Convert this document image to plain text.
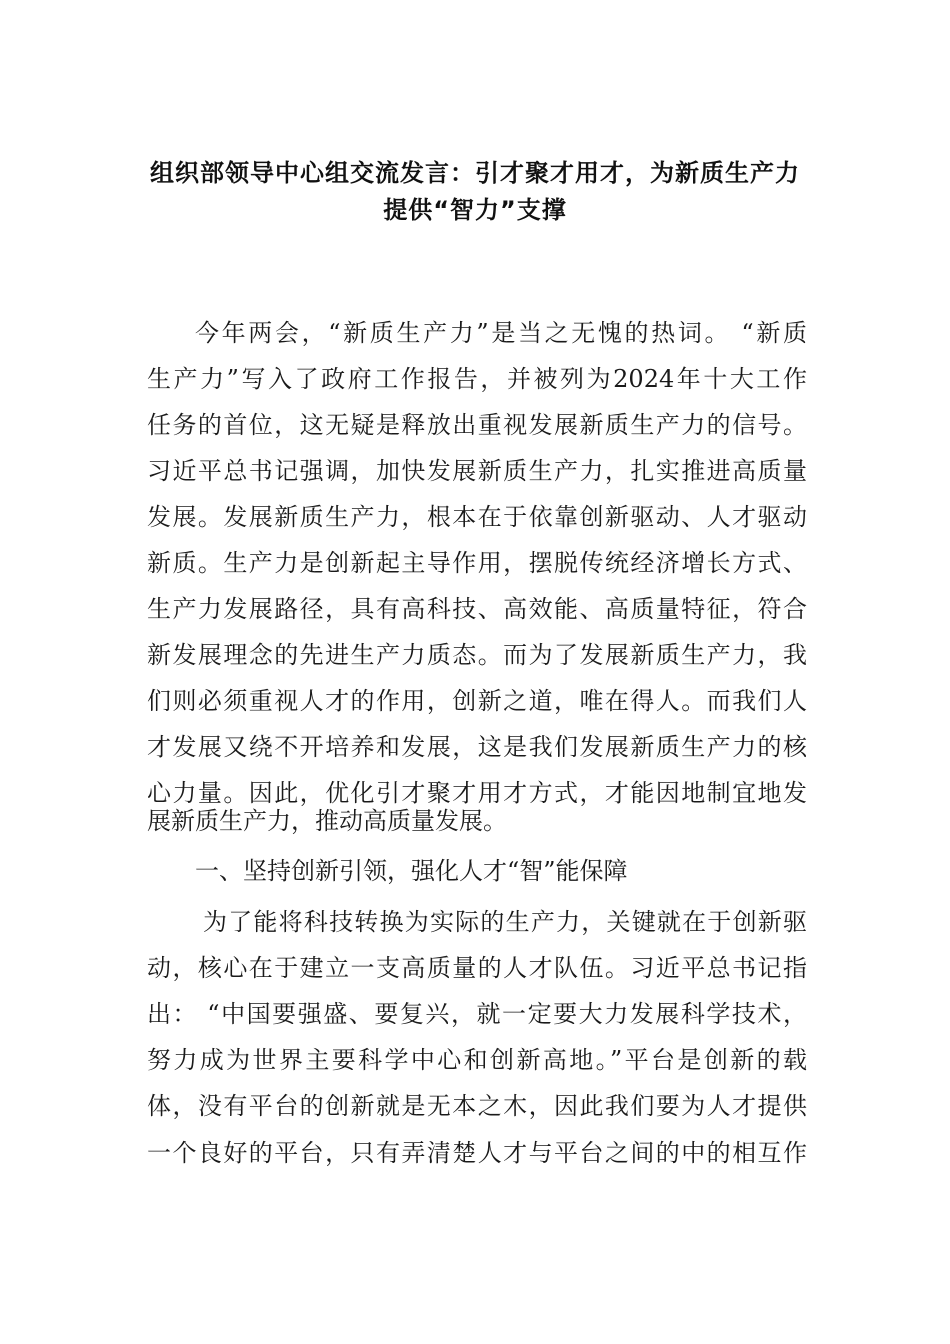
组织部领导中心组交流发言：引才聚才用才，为新质生产力
提供“智力”支撑
今年两会，“新质生产力”是当之无愧的热词。 “新质
生产力”写入了政府工作报告，并被列为2024年十大工作
任务的首位，这无疑是释放出重视发展新质生产力的信号。
习近平总书记强调，加快发展新质生产力，扎实推进高质量
发展。发展新质生产力，根本在于依靠创新驱动、人才驱动
新质。生产力是创新起主导作用，摆脱传统经济增长方式、
生产力发展路径，具有高科技、高效能、高质量特征，符合
新发展理念的先进生产力质态。而为了发展新质生产力，我
们则必须重视人才的作用，创新之道，唯在得人。而我们人
才发展又绕不开培养和发展，这是我们发展新质生产力的核
心力量。因此，优化引才聚才用才方式，才能因地制宜地发
展新质生产力，推动高质量发展。
一、坚持创新引领，强化人才“智”能保障
为了能将科技转换为实际的生产力，关键就在于创新驱
动，核心在于建立一支高质量的人才队伍。习近平总书记指
出： “中国要强盛、要复兴，就一定要大力发展科学技术，
努力成为世界主要科学中心和创新高地。”平台是创新的载
体，没有平台的创新就是无本之木，因此我们要为人才提供
一个良好的平台，只有弄清楚人才与平台之间的中的相互作
